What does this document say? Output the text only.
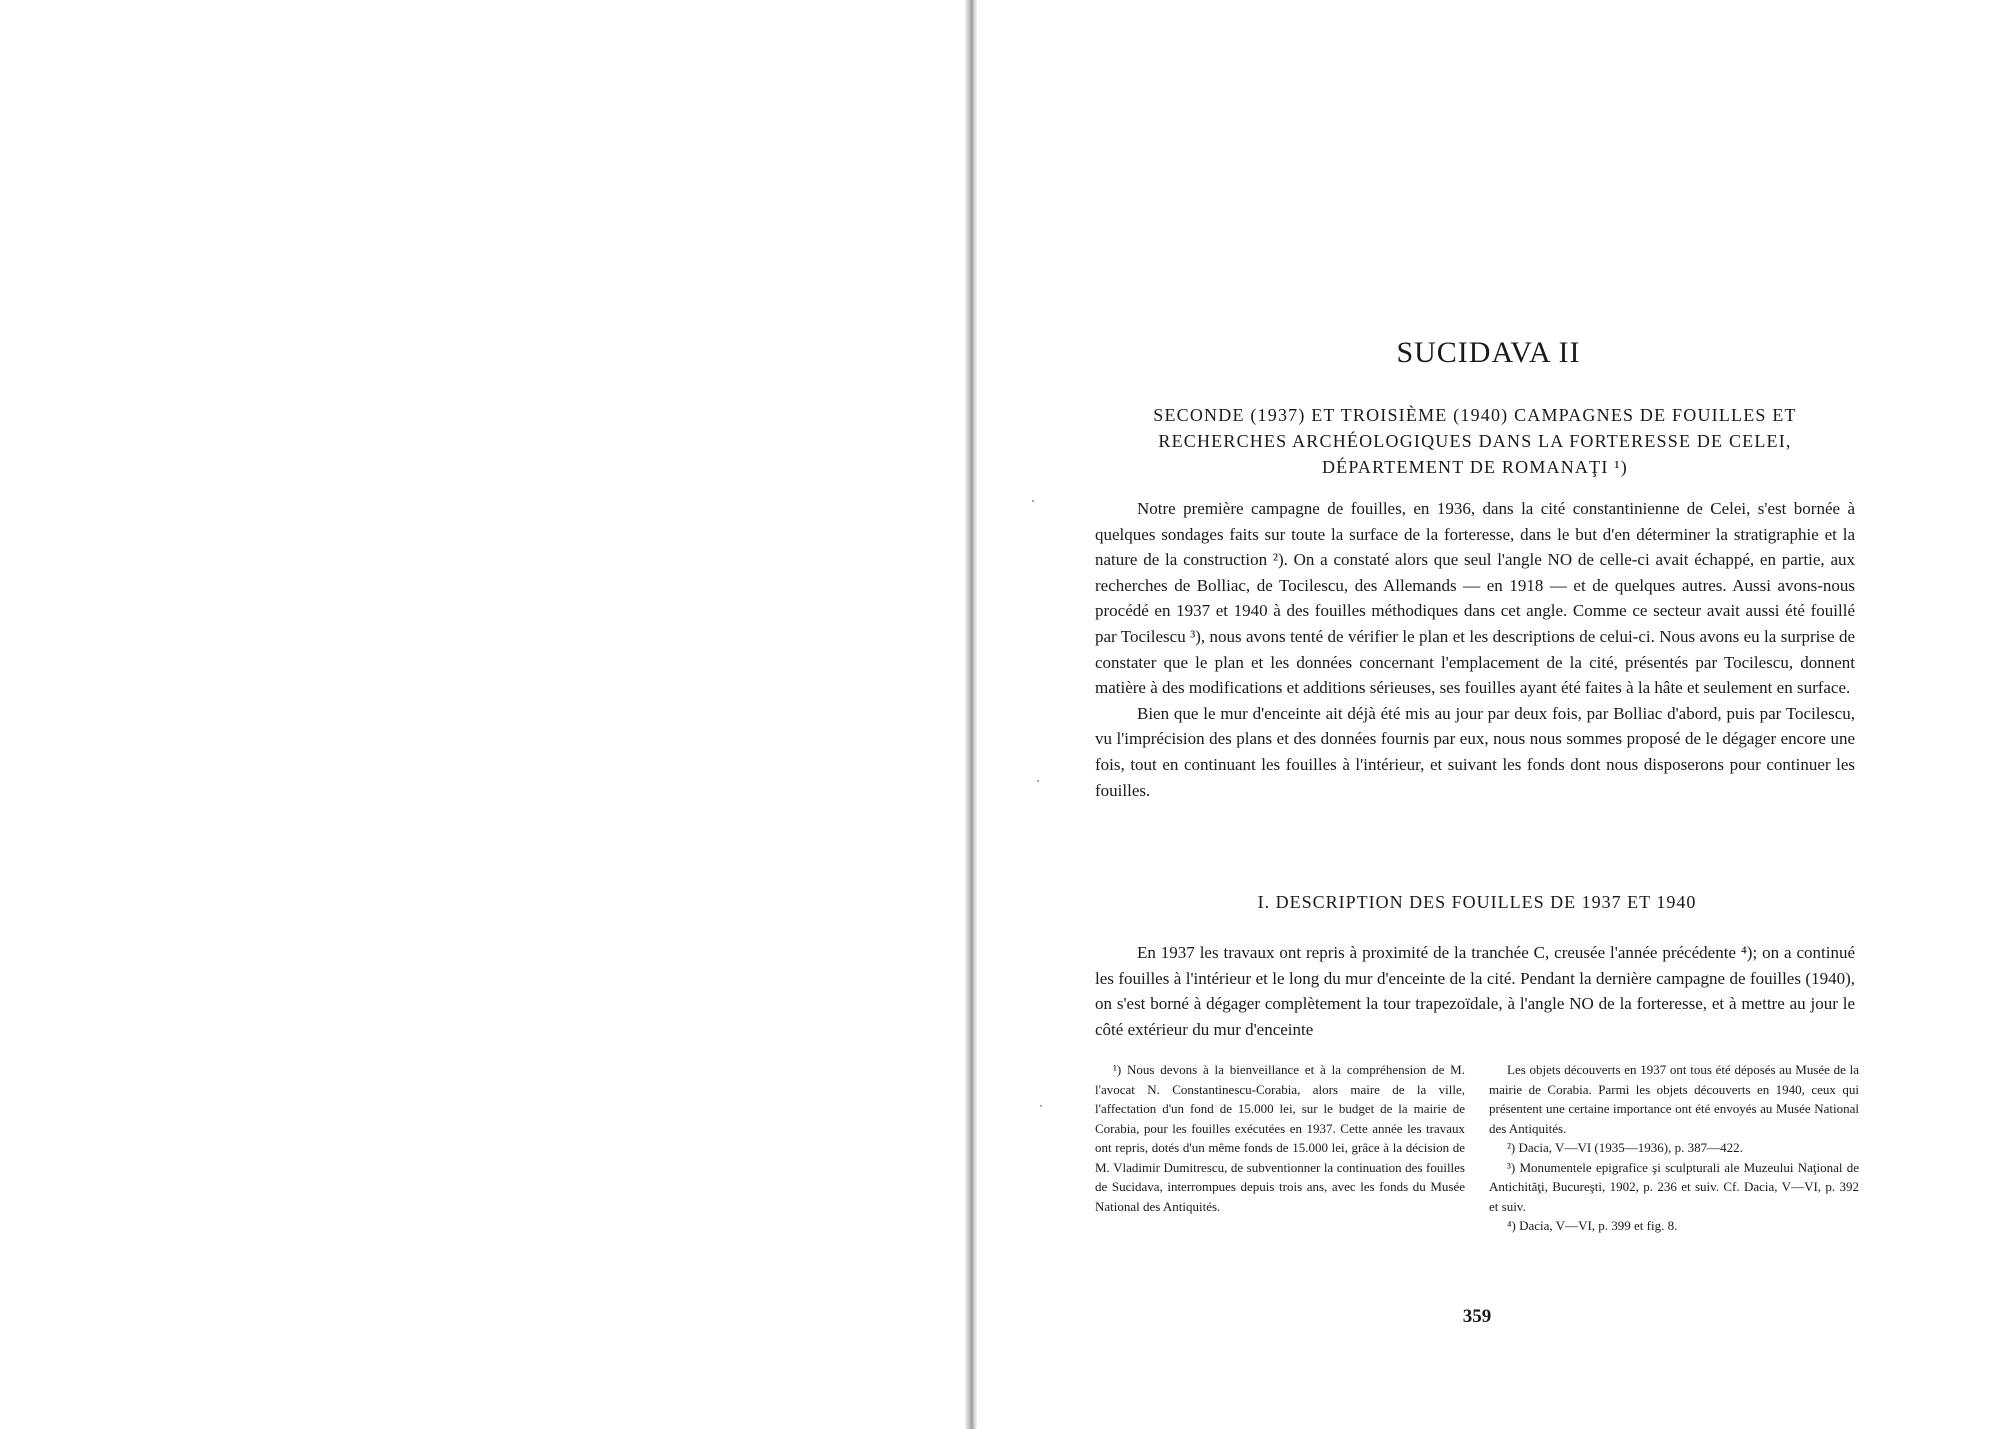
SUCIDAVA II
SECONDE (1937) ET TROISIÈME (1940) CAMPAGNES DE FOUILLES ET RECHERCHES ARCHÉOLOGIQUES DANS LA FORTERESSE DE CELEI, DÉPARTEMENT DE ROMANAŢI ¹)

Notre première campagne de fouilles, en 1936, dans la cité constantinienne de Celei, s'est bornée à quelques sondages faits sur toute la surface de la forteresse, dans le but d'en déterminer la stratigraphie et la nature de la construction ²). On a constaté alors que seul l'angle NO de celle-ci avait échappé, en partie, aux recherches de Bolliac, de Tocilescu, des Allemands — en 1918 — et de quelques autres. Aussi avons-nous procédé en 1937 et 1940 à des fouilles méthodiques dans cet angle. Comme ce secteur avait aussi été fouillé par Tocilescu ³), nous avons tenté de vérifier le plan et les descriptions de celui-ci. Nous avons eu la surprise de constater que le plan et les données concernant l'emplacement de la cité, présentés par Tocilescu, donnent matière à des modifications et additions sérieuses, ses fouilles ayant été faites à la hâte et seulement en surface.

Bien que le mur d'enceinte ait déjà été mis au jour par deux fois, par Bolliac d'abord, puis par Tocilescu, vu l'imprécision des plans et des données fournis par eux, nous nous sommes proposé de le dégager encore une fois, tout en continuant les fouilles à l'intérieur, et suivant les fonds dont nous disposerons pour continuer les fouilles.

I. DESCRIPTION DES FOUILLES DE 1937 ET 1940

En 1937 les travaux ont repris à proximité de la tranchée C, creusée l'année précédente ⁴); on a continué les fouilles à l'intérieur et le long du mur d'enceinte de la cité. Pendant la dernière campagne de fouilles (1940), on s'est borné à dégager complètement la tour trapezoïdale, à l'angle NO de la forteresse, et à mettre au jour le côté extérieur du mur d'enceinte

¹) Nous devons à la bienveillance et à la compréhension de M. l'avocat N. Constantinescu-Corabia, alors maire de la ville, l'affectation d'un fond de 15.000 lei, sur le budget de la mairie de Corabia, pour les fouilles exécutées en 1937. Cette année les travaux ont repris, dotés d'un même fonds de 15.000 lei, grâce à la décision de M. Vladimir Dumitrescu, de subventionner la continuation des fouilles de Sucidava, interrompues depuis trois ans, avec les fonds du Musée National des Antiquités.

Les objets découverts en 1937 ont tous été déposés au Musée de la mairie de Corabia. Parmi les objets découverts en 1940, ceux qui présentent une certaine importance ont été envoyés au Musée National des Antiquités.

²) Dacia, V—VI (1935—1936), p. 387—422.

³) Monumentele epigrafice şi sculpturali ale Muzeului Naţional de Antichităţi, Bucureşti, 1902, p. 236 et suiv. Cf. Dacia, V—VI, p. 392 et suiv.

⁴) Dacia, V—VI, p. 399 et fig. 8.

359
